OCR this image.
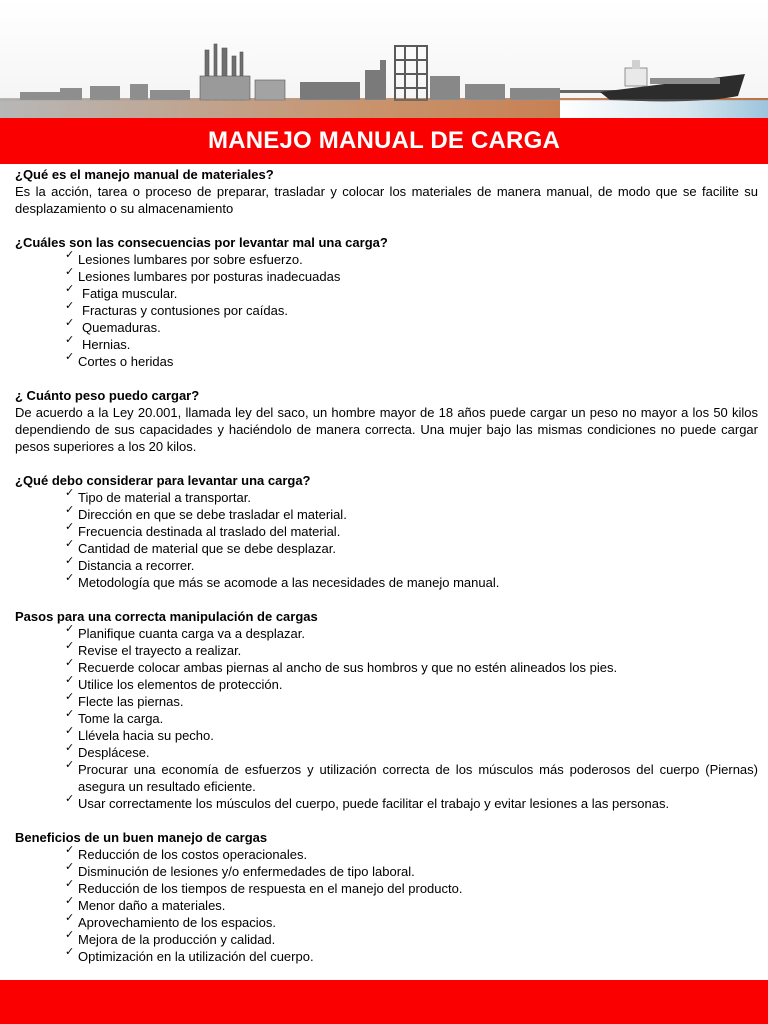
MANEJO MANUAL DE CARGA
¿Qué es el manejo manual de materiales?
Es la acción, tarea o proceso de preparar, trasladar y colocar los materiales de manera manual, de modo que se facilite su desplazamiento o su almacenamiento
¿Cuáles son las consecuencias por levantar mal una carga?
✓ Lesiones lumbares por sobre esfuerzo.
✓ Lesiones lumbares por posturas inadecuadas
✓ Fatiga muscular.
✓ Fracturas y contusiones por caídas.
✓ Quemaduras.
✓ Hernias.
✓ Cortes o heridas
¿ Cuánto peso puedo cargar?
De acuerdo a la Ley 20.001, llamada ley del saco, un hombre mayor de 18 años puede cargar un peso no mayor a los 50 kilos dependiendo de sus capacidades y haciéndolo de manera correcta. Una mujer bajo las mismas condiciones no puede cargar pesos superiores a los 20 kilos.
¿Qué debo considerar para levantar una carga?
✓ Tipo de material a transportar.
✓ Dirección en que se debe trasladar el material.
✓ Frecuencia destinada al traslado del material.
✓ Cantidad de material que se debe desplazar.
✓ Distancia a recorrer.
✓ Metodología que más se acomode a las necesidades de manejo manual.
Pasos para una correcta manipulación de cargas
✓ Planifique cuanta carga va a desplazar.
✓ Revise el trayecto a realizar.
✓ Recuerde colocar ambas piernas al ancho de sus hombros y que no estén alineados los pies.
✓ Utilice los elementos de protección.
✓ Flecte las piernas.
✓ Tome la carga.
✓ Llévela hacia su pecho.
✓ Desplácese.
✓ Procurar una economía de esfuerzos y utilización correcta de los músculos más poderosos del cuerpo (Piernas) asegura un resultado eficiente.
✓ Usar correctamente los músculos del cuerpo, puede facilitar el trabajo y evitar lesiones a las personas.
Beneficios de un buen manejo de cargas
✓ Reducción de los costos operacionales.
✓ Disminución de lesiones y/o enfermedades de tipo laboral.
✓ Reducción de los tiempos de respuesta en el manejo del producto.
✓ Menor daño a materiales.
✓ Aprovechamiento de los espacios.
✓ Mejora de la producción y calidad.
✓ Optimización en la utilización del cuerpo.
